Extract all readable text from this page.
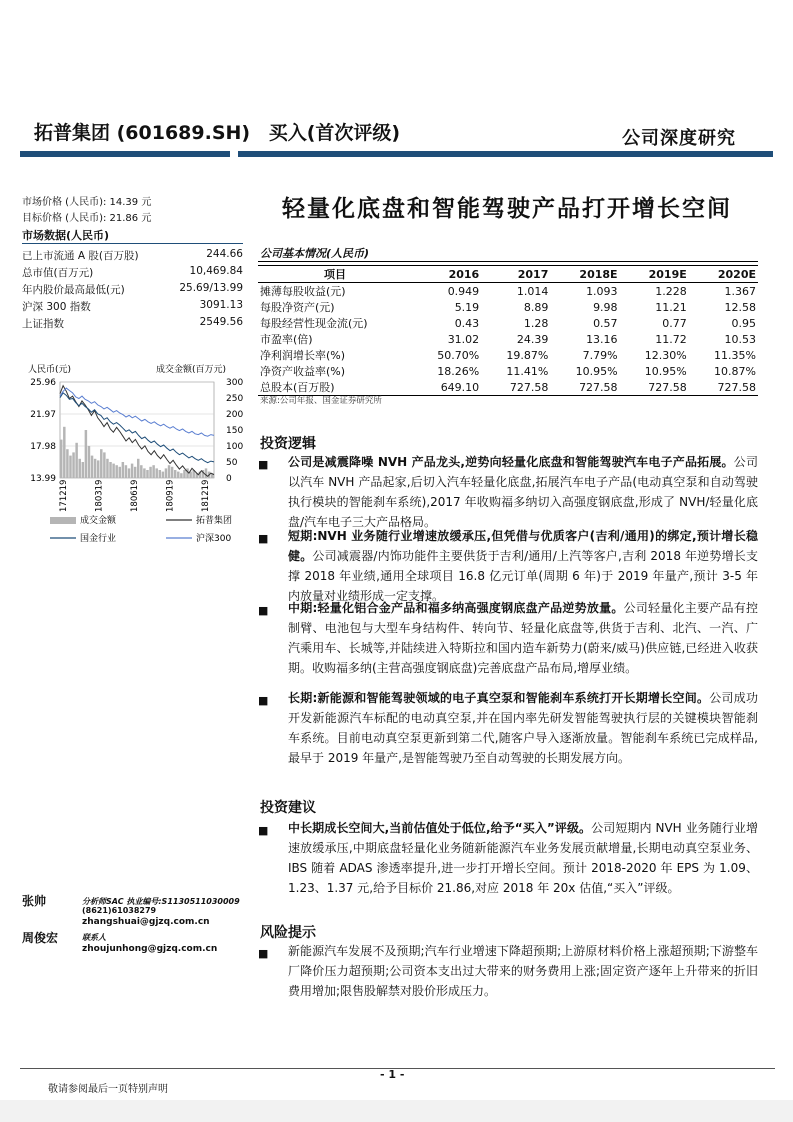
拓普集团 (601689.SH) 买入(首次评级)	公司深度研究
轻量化底盘和智能驾驶产品打开增长空间
市场价格 (人民币): 14.39 元
目标价格 (人民币): 21.86 元
市场数据(人民币)
已上市流通 A 股(百万股)	244.66
总市值(百万元)	10,469.84
年内股价最高最低(元)	25.69/13.99
沪深 300 指数	3091.13
上证指数	2549.56
人民币(元)	成交金额(百万元)
25.96
21.97
17.98
13.99
300
250
200
150
100
50
0
171219	180319	180619	180919	181219
成交金额	拓普集团
国金行业	沪深300
公司基本情况(人民币)
项目	2016	2017	2018E	2019E	2020E
摊薄每股收益(元)	0.949	1.014	1.093	1.228	1.367
每股净资产(元)	5.19	8.89	9.98	11.21	12.58
每股经营性现金流(元)	0.43	1.28	0.57	0.77	0.95
市盈率(倍)	31.02	24.39	13.16	11.72	10.53
净利润增长率(%)	50.70%	19.87%	7.79%	12.30%	11.35%
净资产收益率(%)	18.26%	11.41%	10.95%	10.95%	10.87%
总股本(百万股)	649.10	727.58	727.58	727.58	727.58
来源:公司年报、国金证券研究所
投资逻辑
■ 公司是减震降噪 NVH 产品龙头,逆势向轻量化底盘和智能驾驶汽车电子产品拓展。公司以汽车 NVH 产品起家,后切入汽车轻量化底盘,拓展汽车电子产品(电动真空泵和自动驾驶执行模块的智能刹车系统),2017 年收购福多纳切入高强度钢底盘,形成了 NVH/轻量化底盘/汽车电子三大产品格局。
■ 短期:NVH 业务随行业增速放缓承压,但凭借与优质客户(吉利/通用)的绑定,预计增长稳健。公司减震器/内饰功能件主要供货于吉利/通用/上汽等客户,吉利 2018 年逆势增长支撑 2018 年业绩,通用全球项目 16.8 亿元订单(周期 6 年)于 2019 年量产,预计 3-5 年内放量对业绩形成一定支撑。
■ 中期:轻量化铝合金产品和福多纳高强度钢底盘产品逆势放量。公司轻量化主要产品有控制臂、电池包与大型车身结构件、转向节、轻量化底盘等,供货于吉利、北汽、一汽、广汽乘用车、长城等,并陆续进入特斯拉和国内造车新势力(蔚来/威马)供应链,已经进入收获期。收购福多纳(主营高强度钢底盘)完善底盘产品布局,增厚业绩。
■ 长期:新能源和智能驾驶领域的电子真空泵和智能刹车系统打开长期增长空间。公司成功开发新能源汽车标配的电动真空泵,并在国内率先研发智能驾驶执行层的关键模块智能刹车系统。目前电动真空泵更新到第二代,随客户导入逐渐放量。智能刹车系统已完成样品,最早于 2019 年量产,是智能驾驶乃至自动驾驶的长期发展方向。
投资建议
■ 中长期成长空间大,当前估值处于低位,给予“买入”评级。公司短期内 NVH 业务随行业增速放缓承压,中期底盘轻量化业务随新能源汽车业务发展贡献增量,长期电动真空泵业务、IBS 随着 ADAS 渗透率提升,进一步打开增长空间。预计 2018-2020 年 EPS 为 1.09、1.23、1.37 元,给予目标价 21.86,对应 2018 年 20x 估值,“买入”评级。
风险提示
■ 新能源汽车发展不及预期;汽车行业增速下降超预期;上游原材料价格上涨超预期;下游整车厂降价压力超预期;公司资本支出过大带来的财务费用上涨;固定资产逐年上升带来的折旧费用增加;限售股解禁对股价形成压力。
张帅	分析师SAC 执业编号:S1130511030009
(8621)61038279
zhangshuai@gjzq.com.cn
周俊宏	联系人
zhoujunhong@gjzq.com.cn
- 1 -
敬请参阅最后一页特别声明
